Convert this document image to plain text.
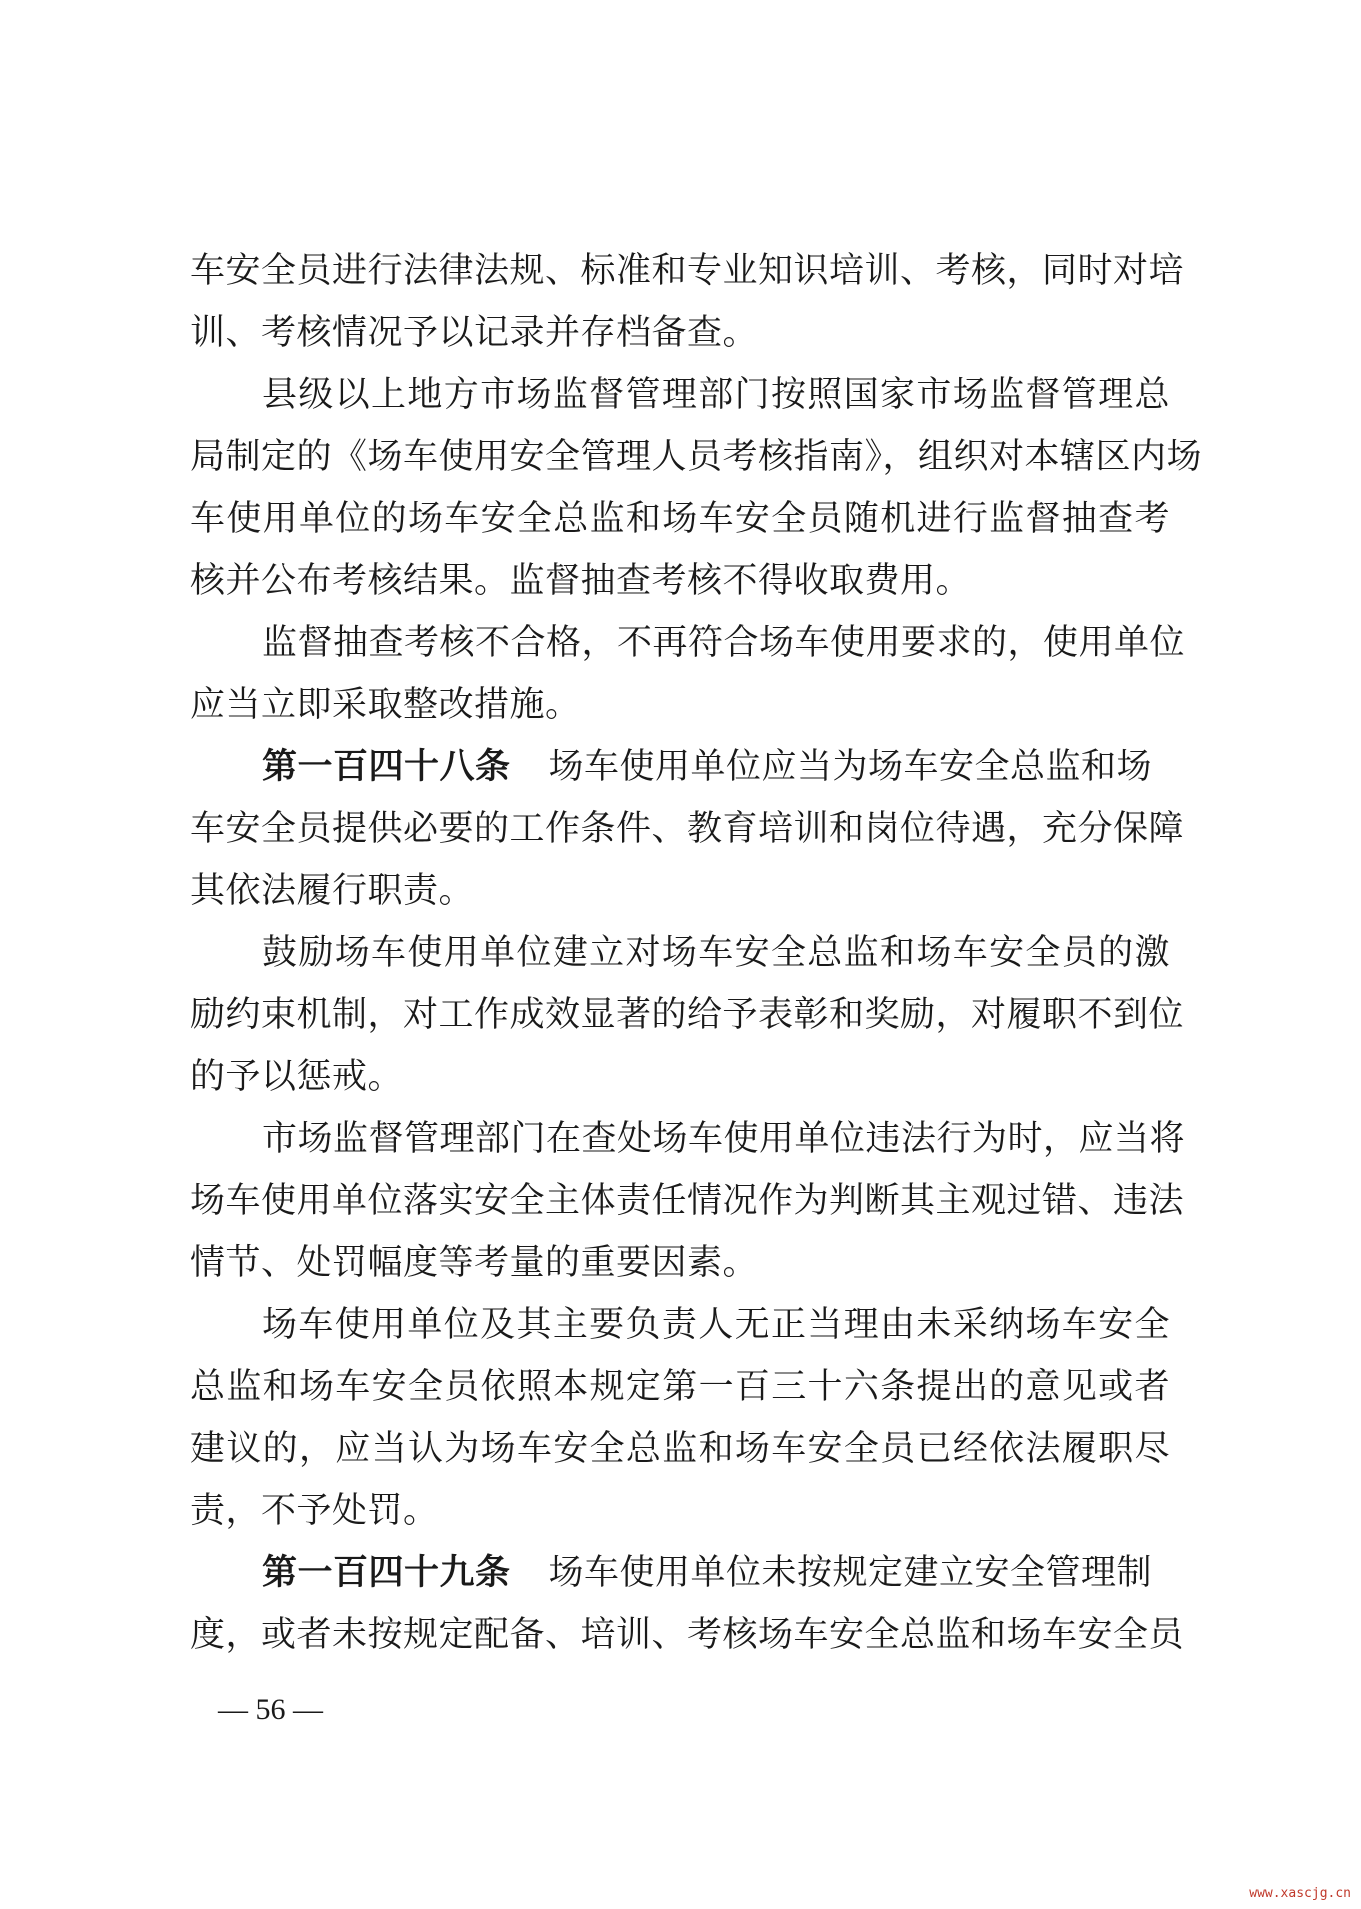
车安全员进行法律法规、标准和专业知识培训、考核，同时对培
训、考核情况予以记录并存档备查。
县级以上地方市场监督管理部门按照国家市场监督管理总
局制定的《场车使用安全管理人员考核指南》，组织对本辖区内场
车使用单位的场车安全总监和场车安全员随机进行监督抽查考
核并公布考核结果。监督抽查考核不得收取费用。
监督抽查考核不合格，不再符合场车使用要求的，使用单位
应当立即采取整改措施。
第一百四十八条 场车使用单位应当为场车安全总监和场
车安全员提供必要的工作条件、教育培训和岗位待遇，充分保障
其依法履行职责。
鼓励场车使用单位建立对场车安全总监和场车安全员的激
励约束机制，对工作成效显著的给予表彰和奖励，对履职不到位
的予以惩戒。
市场监督管理部门在查处场车使用单位违法行为时，应当将
场车使用单位落实安全主体责任情况作为判断其主观过错、违法
情节、处罚幅度等考量的重要因素。
场车使用单位及其主要负责人无正当理由未采纳场车安全
总监和场车安全员依照本规定第一百三十六条提出的意见或者
建议的，应当认为场车安全总监和场车安全员已经依法履职尽
责，不予处罚。
第一百四十九条 场车使用单位未按规定建立安全管理制
度，或者未按规定配备、培训、考核场车安全总监和场车安全员
— 56 —
www.xascjg.cn
